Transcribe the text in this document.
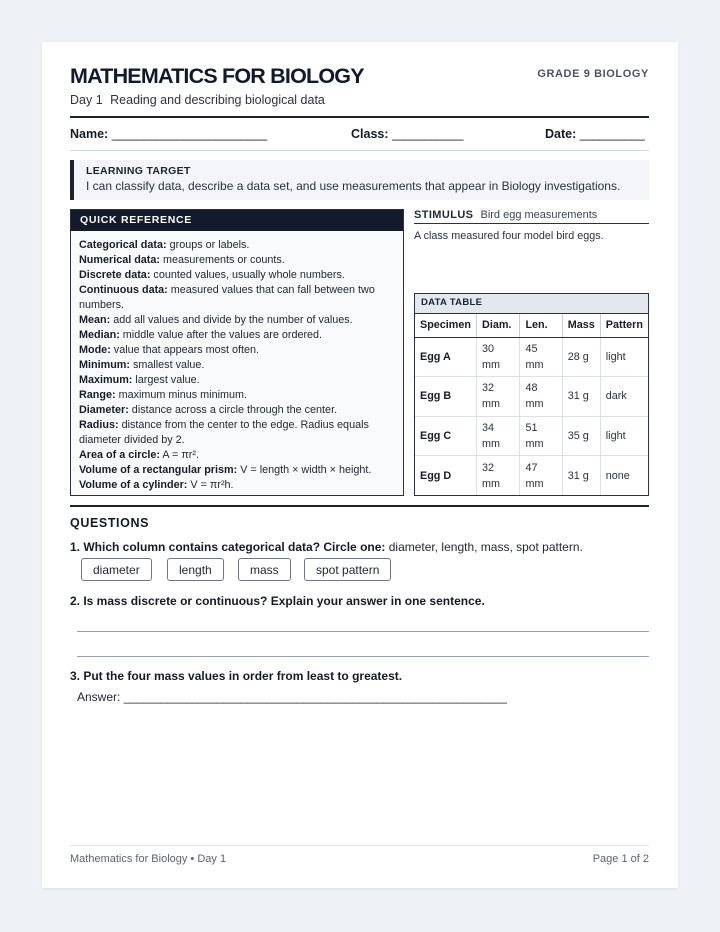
MATHEMATICS FOR BIOLOGY	GRADE 9 BIOLOGY
Day 1 Reading and describing biological data
Name: ________________________	Class: ___________	Date: __________
LEARNING TARGET
I can classify data, describe a data set, and use measurements that appear in Biology investigations.
QUICK REFERENCE
Categorical data: groups or labels.
Numerical data: measurements or counts.
Discrete data: counted values, usually whole numbers.
Continuous data: measured values that can fall between two numbers.
Mean: add all values and divide by the number of values.
Median: middle value after the values are ordered.
Mode: value that appears most often.
Minimum: smallest value.
Maximum: largest value.
Range: maximum minus minimum.
Diameter: distance across a circle through the center.
Radius: distance from the center to the edge. Radius equals diameter divided by 2.
Area of a circle: A = πr².
Volume of a rectangular prism: V = length × width × height.
Volume of a cylinder: V = πr²h.
STIMULUS Bird egg measurements
A class measured four model bird eggs.
DATA TABLE
Specimen	Diam.	Len.	Mass	Pattern
Egg A	30 mm	45 mm	28 g	light
Egg B	32 mm	48 mm	31 g	dark
Egg C	34 mm	51 mm	35 g	light
Egg D	32 mm	47 mm	31 g	none
QUESTIONS
1. Which column contains categorical data? Circle one: diameter, length, mass, spot pattern.
diameter	length	mass	spot pattern
2. Is mass discrete or continuous? Explain your answer in one sentence.
3. Put the four mass values in order from least to greatest.
Answer: ______________________________________________________________
Mathematics for Biology • Day 1	Page 1 of 2
